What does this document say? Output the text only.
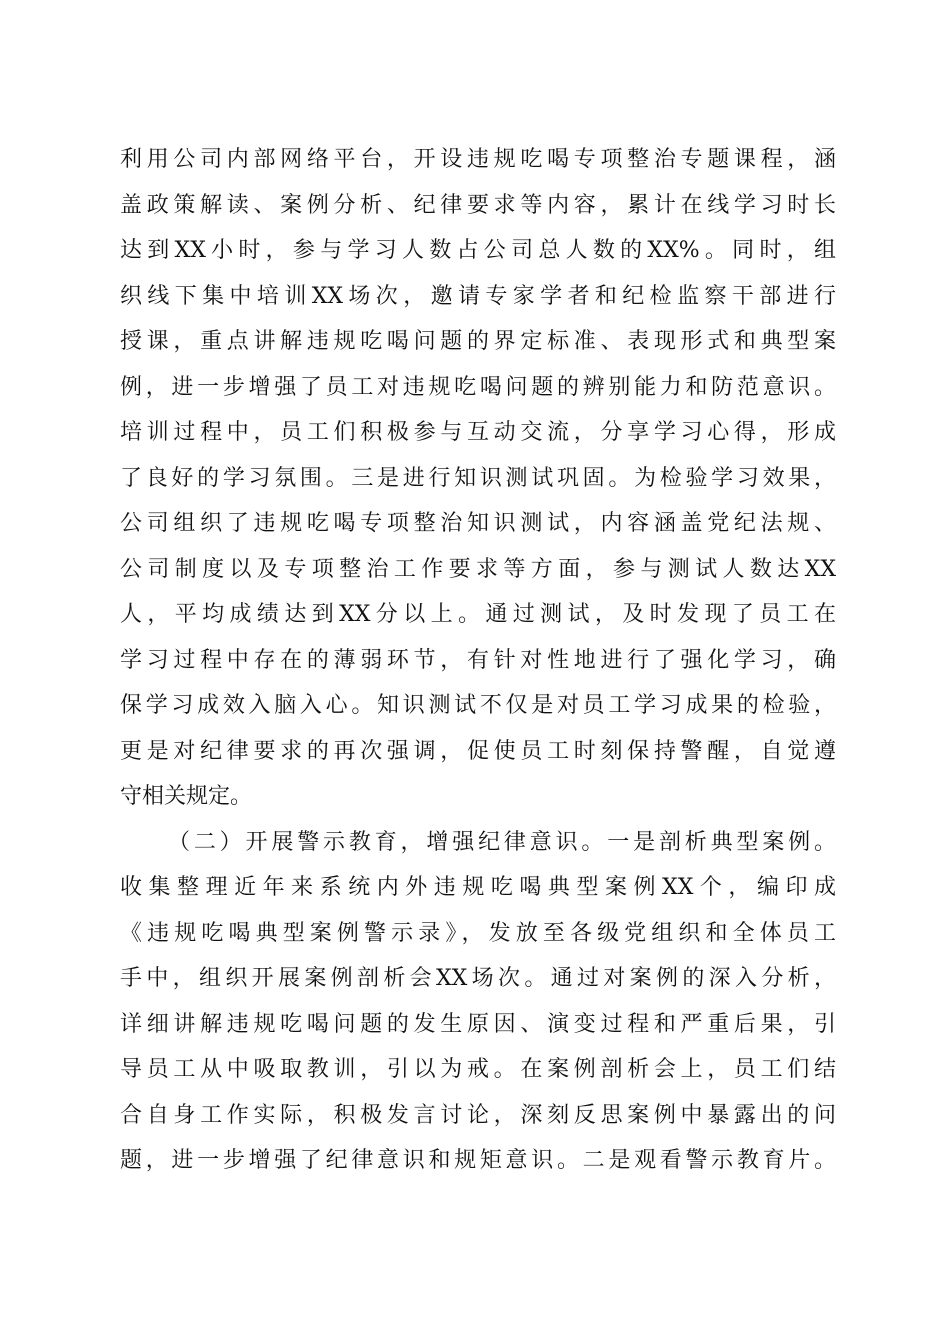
利用公司内部网络平台，开设违规吃喝专项整治专题课程，涵
盖政策解读、案例分析、纪律要求等内容，累计在线学习时长
达到XX小时，参与学习人数占公司总人数的XX%。同时，组
织线下集中培训XX场次，邀请专家学者和纪检监察干部进行
授课，重点讲解违规吃喝问题的界定标准、表现形式和典型案
例，进一步增强了员工对违规吃喝问题的辨别能力和防范意识。
培训过程中，员工们积极参与互动交流，分享学习心得，形成
了良好的学习氛围。三是进行知识测试巩固。为检验学习效果，
公司组织了违规吃喝专项整治知识测试，内容涵盖党纪法规、
公司制度以及专项整治工作要求等方面，参与测试人数达XX
人，平均成绩达到XX分以上。通过测试，及时发现了员工在
学习过程中存在的薄弱环节，有针对性地进行了强化学习，确
保学习成效入脑入心。知识测试不仅是对员工学习成果的检验，
更是对纪律要求的再次强调，促使员工时刻保持警醒，自觉遵
守相关规定。
（二）开展警示教育，增强纪律意识。一是剖析典型案例。
收集整理近年来系统内外违规吃喝典型案例XX个，编印成
《违规吃喝典型案例警示录》，发放至各级党组织和全体员工
手中，组织开展案例剖析会XX场次。通过对案例的深入分析，
详细讲解违规吃喝问题的发生原因、演变过程和严重后果，引
导员工从中吸取教训，引以为戒。在案例剖析会上，员工们结
合自身工作实际，积极发言讨论，深刻反思案例中暴露出的问
题，进一步增强了纪律意识和规矩意识。二是观看警示教育片。
